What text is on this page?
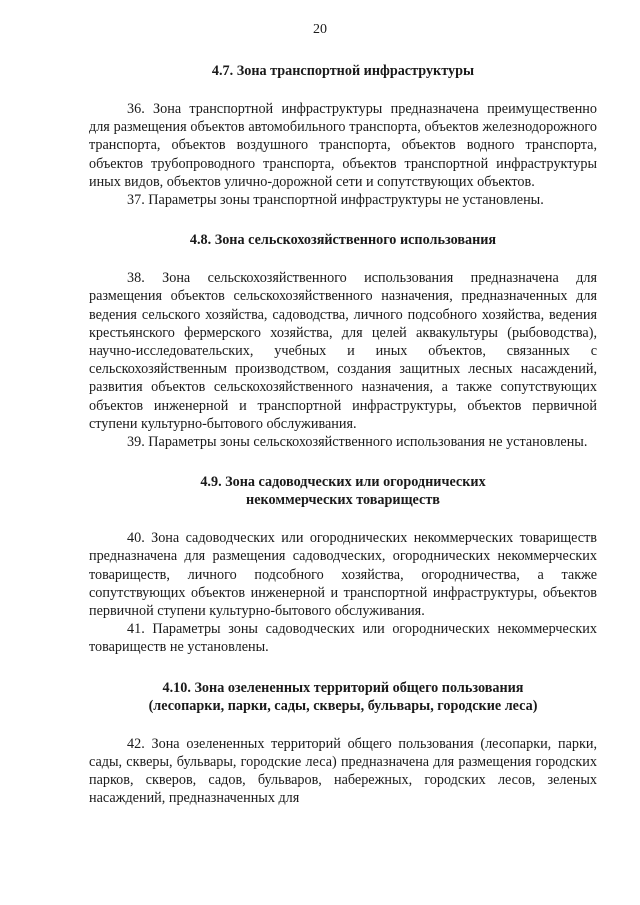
20

4.7. Зона транспортной инфраструктуры

36. Зона транспортной инфраструктуры предназначена преимущественно для размещения объектов автомобильного транспорта, объектов железнодорожного транспорта, объектов воздушного транспорта, объектов водного транспорта, объектов трубопроводного транспорта, объектов транспортной инфраструктуры иных видов, объектов улично-дорожной сети и сопутствующих объектов.

37. Параметры зоны транспортной инфраструктуры не установлены.

4.8. Зона сельскохозяйственного использования

38. Зона сельскохозяйственного использования предназначена для размещения объектов сельскохозяйственного назначения, предназначенных для ведения сельского хозяйства, садоводства, личного подсобного хозяйства, ведения крестьянского фермерского хозяйства, для целей аквакультуры (рыбоводства), научно-исследовательских, учебных и иных объектов, связанных с сельскохозяйственным производством, создания защитных лесных насаждений, развития объектов сельскохозяйственного назначения, а также сопутствующих объектов инженерной и транспортной инфраструктуры, объектов первичной ступени культурно-бытового обслуживания.

39. Параметры зоны сельскохозяйственного использования не установлены.

4.9. Зона садоводческих или огороднических

некоммерческих товариществ

40. Зона садоводческих или огороднических некоммерческих товариществ предназначена для размещения садоводческих, огороднических некоммерческих товариществ, личного подсобного хозяйства, огородничества, а также сопутствующих объектов инженерной и транспортной инфраструктуры, объектов первичной ступени культурно-бытового обслуживания.

41. Параметры зоны садоводческих или огороднических некоммерческих товариществ не установлены.

4.10. Зона озелененных территорий общего пользования

(лесопарки, парки, сады, скверы, бульвары, городские леса)

42. Зона озелененных территорий общего пользования (лесопарки, парки, сады, скверы, бульвары, городские леса) предназначена для размещения городских парков, скверов, садов, бульваров, набережных, городских лесов, зеленых насаждений, предназначенных для
